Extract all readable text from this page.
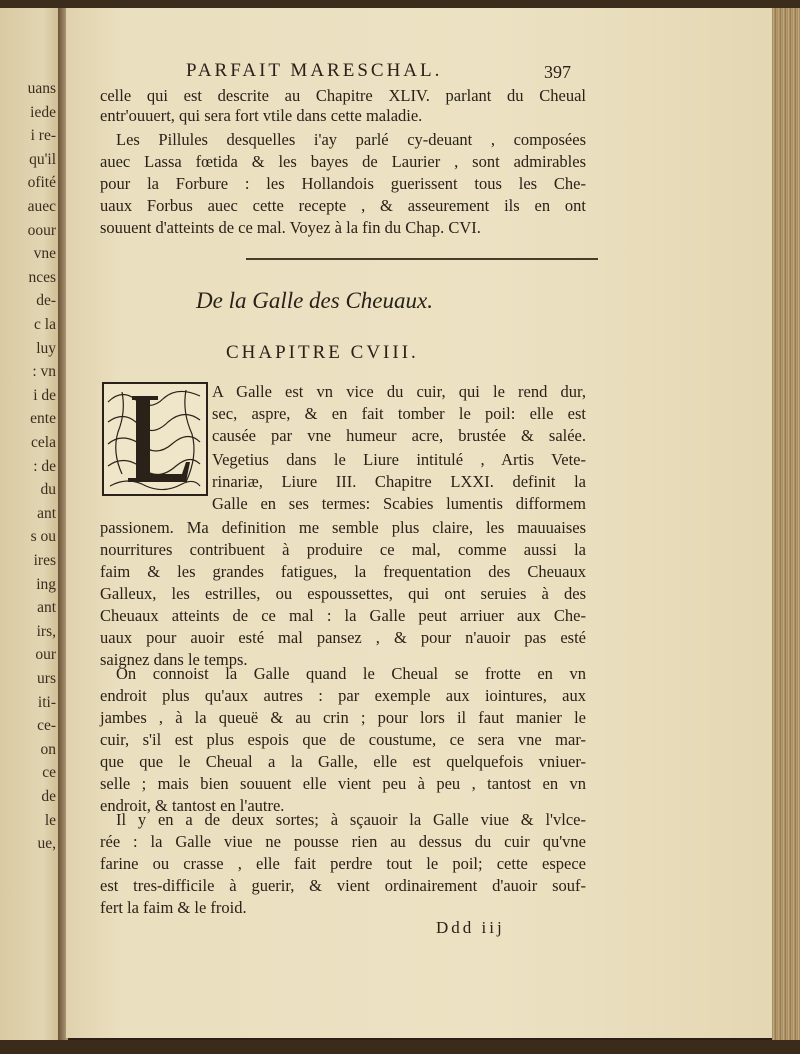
uans
iede
i re-
qu'il
ofité
auec
oour
vne
nces
de-
c la
luy
: vn
i de
ente
cela
: de
du
ant
s ou
ires
ing
ant
irs,
our
urs
iti-
ce-
on
ce
de
le
ue,
PARFAIT MARESCHAL.	397
celle qui est descrite au Chapitre XLIV. parlant du Cheual
entr'ouuert, qui sera fort vtile dans cette maladie.
Les Pillules desquelles i'ay parlé cy-deuant , composées
auec Lassa fœtida & les bayes de Laurier , sont admirables
pour la Forbure : les Hollandois guerissent tous les Che-
uaux Forbus auec cette recepte , & asseurement ils en ont
souuent d'atteints de ce mal. Voyez à la fin du Chap. CVI.
De la Galle des Cheuaux.
CHAPITRE CVIII.
A Galle est vn vice du cuir, qui le rend dur,
sec, aspre, & en fait tomber le poil: elle est
causée par vne humeur acre, brustée & salée.
Vegetius dans le Liure intitulé , Artis Vete-
rinariæ, Liure III. Chapitre LXXI. definit la
Galle en ses termes: Scabies lumentis difformem
passionem. Ma definition me semble plus claire, les mauuaises
nourritures contribuent à produire ce mal, comme aussi la
faim & les grandes fatigues, la frequentation des Cheuaux
Galleux, les estrilles, ou espoussettes, qui ont seruies à des
Cheuaux atteints de ce mal : la Galle peut arriuer aux Che-
uaux pour auoir esté mal pansez , & pour n'auoir pas esté
saignez dans le temps.
On connoist la Galle quand le Cheual se frotte en vn
endroit plus qu'aux autres : par exemple aux iointures, aux
jambes , à la queuë & au crin ; pour lors il faut manier le
cuir, s'il est plus espois que de coustume, ce sera vne mar-
que que le Cheual a la Galle, elle est quelquefois vniuer-
selle ; mais bien souuent elle vient peu à peu , tantost en vn
endroit, & tantost en l'autre.
Il y en a de deux sortes; à sçauoir la Galle viue & l'vlce-
rée : la Galle viue ne pousse rien au dessus du cuir qu'vne
farine ou crasse , elle fait perdre tout le poil; cette espece
est tres-difficile à guerir, & vient ordinairement d'auoir souf-
fert la faim & le froid.
Ddd iij
